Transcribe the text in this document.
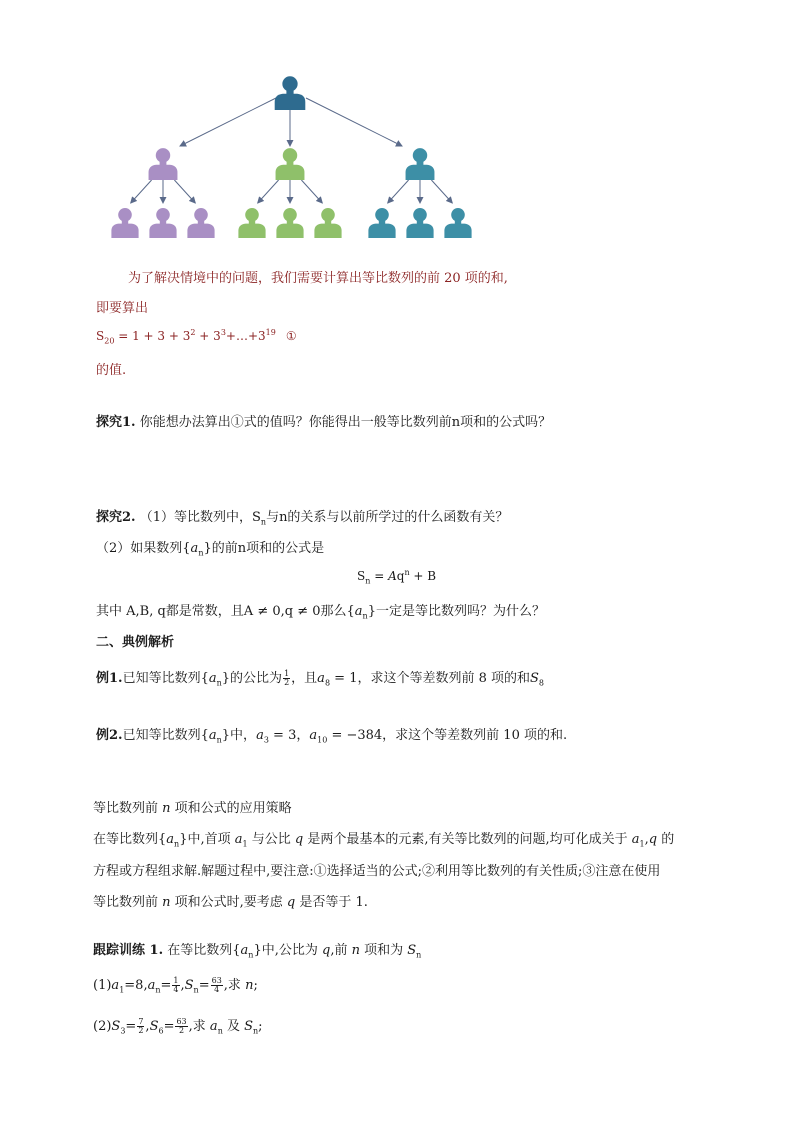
为了解决情境中的问题，我们需要计算出等比数列的前 20 项的和,
即要算出
$S_{20} = 1 + 3 + 3^2$ + $3^3+\dots+3^{19}$ ①
的值.
探究1. 你能想办法算出①式的值吗？你能得出一般等比数列前n项和的公式吗？
探究2. （1）等比数列中，$S_n$与n的关系与以前所学过的什么函数有关？
（2）如果数列$\{a_n\}$的前n项和的公式是
$S_n = Aq^n + B$
其中 A,B, q都是常数，且A ≠ 0,q ≠ 0那么$\{a_n\}$一定是等比数列吗？为什么？
二、典例解析
例1.已知等比数列$\{a_n\}$的公比为 $\frac{1}{2}$ ，且$a_8 = 1$，求这个等差数列前 8 项的和$S_8$
例2.已知等比数列$\{a_n\}$中，$a_3 = 3$，$a_{10} = -384$，求这个等差数列前 10 项的和.
等比数列前 n 项和公式的应用策略
在等比数列$\{a_n\}$中,首项 $a_1$ 与公比 q 是两个最基本的元素,有关等比数列的问题,均可化成关于 $a_1,q$ 的
方程或方程组求解.解题过程中,要注意:①选择适当的公式;②利用等比数列的有关性质;③注意在使用
等比数列前 n 项和公式时,要考虑 q 是否等于 1.
跟踪训练 1. 在等比数列$\{a_n\}$中,公比为 q,前 n 项和为 $S_n$
$(1)a_1=8,a_n= \frac{1}{4} ,S_n= \frac{63}{4}$ ,求 n;
$(2)S_3= \frac{7}{2} ,S_6= \frac{63}{2}$ ,求 $a_n$ 及 $S_n$;
